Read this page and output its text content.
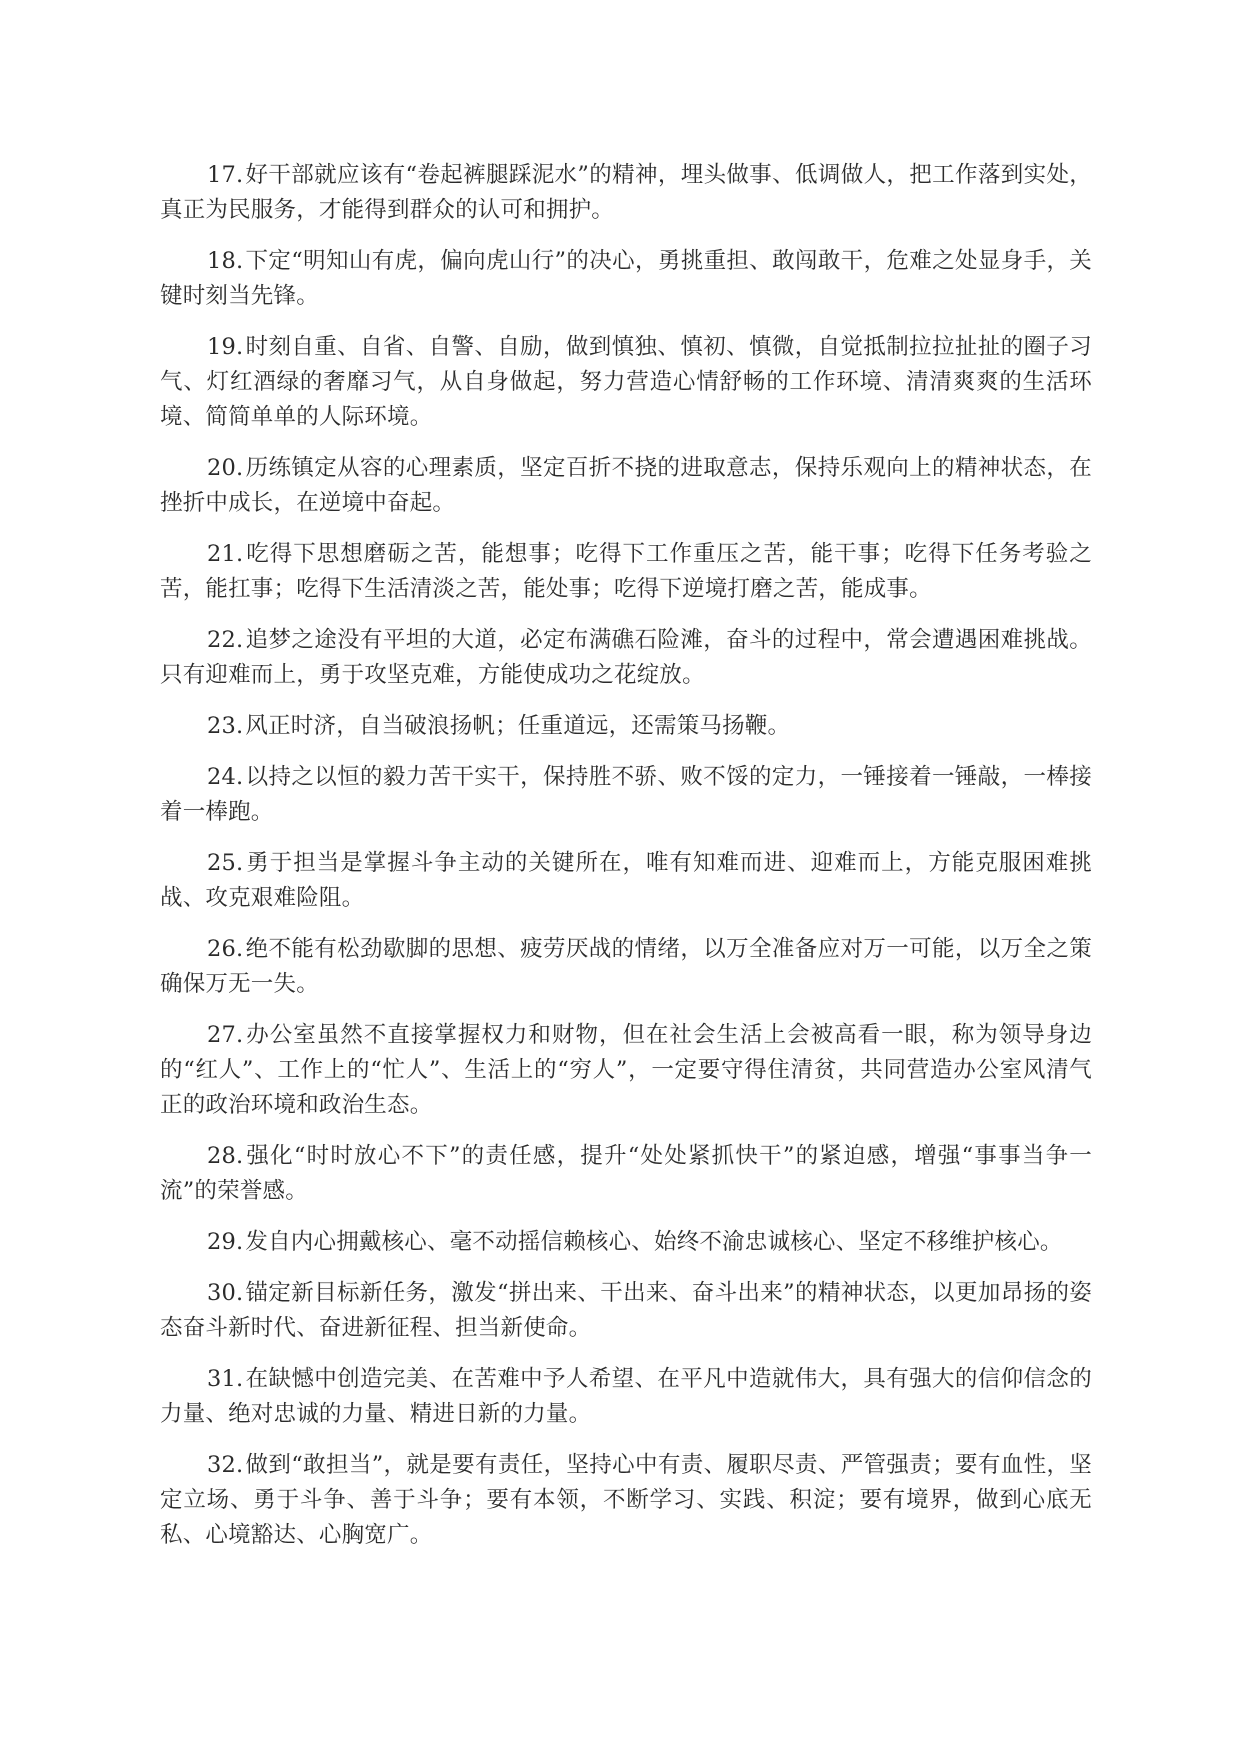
17.好干部就应该有“卷起裤腿踩泥水”的精神，埋头做事、低调做人，把工作落到实处，真正为民服务，才能得到群众的认可和拥护。

18.下定“明知山有虎，偏向虎山行”的决心，勇挑重担、敢闯敢干，危难之处显身手，关键时刻当先锋。

19.时刻自重、自省、自警、自励，做到慎独、慎初、慎微，自觉抵制拉拉扯扯的圈子习气、灯红酒绿的奢靡习气，从自身做起，努力营造心情舒畅的工作环境、清清爽爽的生活环境、简简单单的人际环境。

20.历练镇定从容的心理素质，坚定百折不挠的进取意志，保持乐观向上的精神状态，在挫折中成长，在逆境中奋起。

21.吃得下思想磨砺之苦，能想事；吃得下工作重压之苦，能干事；吃得下任务考验之苦，能扛事；吃得下生活清淡之苦，能处事；吃得下逆境打磨之苦，能成事。

22.追梦之途没有平坦的大道，必定布满礁石险滩，奋斗的过程中，常会遭遇困难挑战。只有迎难而上，勇于攻坚克难，方能使成功之花绽放。

23.风正时济，自当破浪扬帆；任重道远，还需策马扬鞭。

24.以持之以恒的毅力苦干实干，保持胜不骄、败不馁的定力，一锤接着一锤敲，一棒接着一棒跑。

25.勇于担当是掌握斗争主动的关键所在，唯有知难而进、迎难而上，方能克服困难挑战、攻克艰难险阻。

26.绝不能有松劲歇脚的思想、疲劳厌战的情绪，以万全准备应对万一可能，以万全之策确保万无一失。

27.办公室虽然不直接掌握权力和财物，但在社会生活上会被高看一眼，称为领导身边的“红人”、工作上的“忙人”、生活上的“穷人”，一定要守得住清贫，共同营造办公室风清气正的政治环境和政治生态。

28.强化“时时放心不下”的责任感，提升“处处紧抓快干”的紧迫感，增强“事事当争一流”的荣誉感。

29.发自内心拥戴核心、毫不动摇信赖核心、始终不渝忠诚核心、坚定不移维护核心。

30.锚定新目标新任务，激发“拼出来、干出来、奋斗出来”的精神状态，以更加昂扬的姿态奋斗新时代、奋进新征程、担当新使命。

31.在缺憾中创造完美、在苦难中予人希望、在平凡中造就伟大，具有强大的信仰信念的力量、绝对忠诚的力量、精进日新的力量。

32.做到“敢担当”，就是要有责任，坚持心中有责、履职尽责、严管强责；要有血性，坚定立场、勇于斗争、善于斗争；要有本领，不断学习、实践、积淀；要有境界，做到心底无私、心境豁达、心胸宽广。
